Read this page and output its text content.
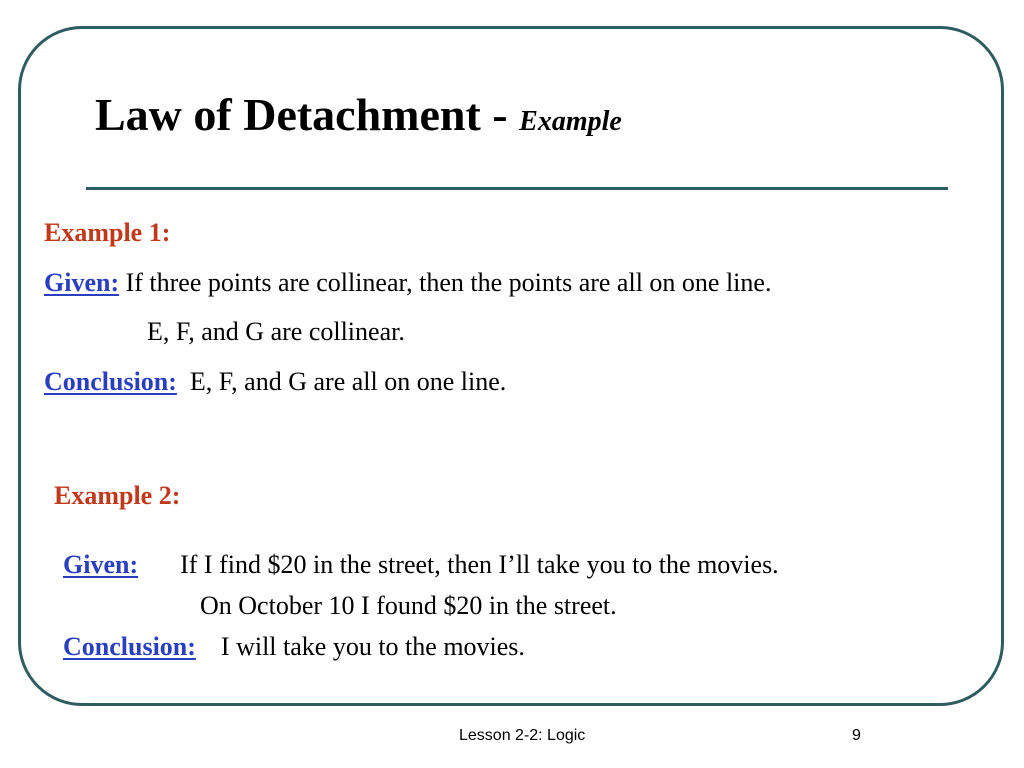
Law of Detachment - Example
Example 1:
Given: If three points are collinear, then the points are all on one line.
E, F, and G are collinear.
Conclusion: E, F, and G are all on one line.
Example 2:
Given: If I find $20 in the street, then I’ll take you to the movies.
On October 10 I found $20 in the street.
Conclusion: I will take you to the movies.
Lesson 2-2: Logic	9
